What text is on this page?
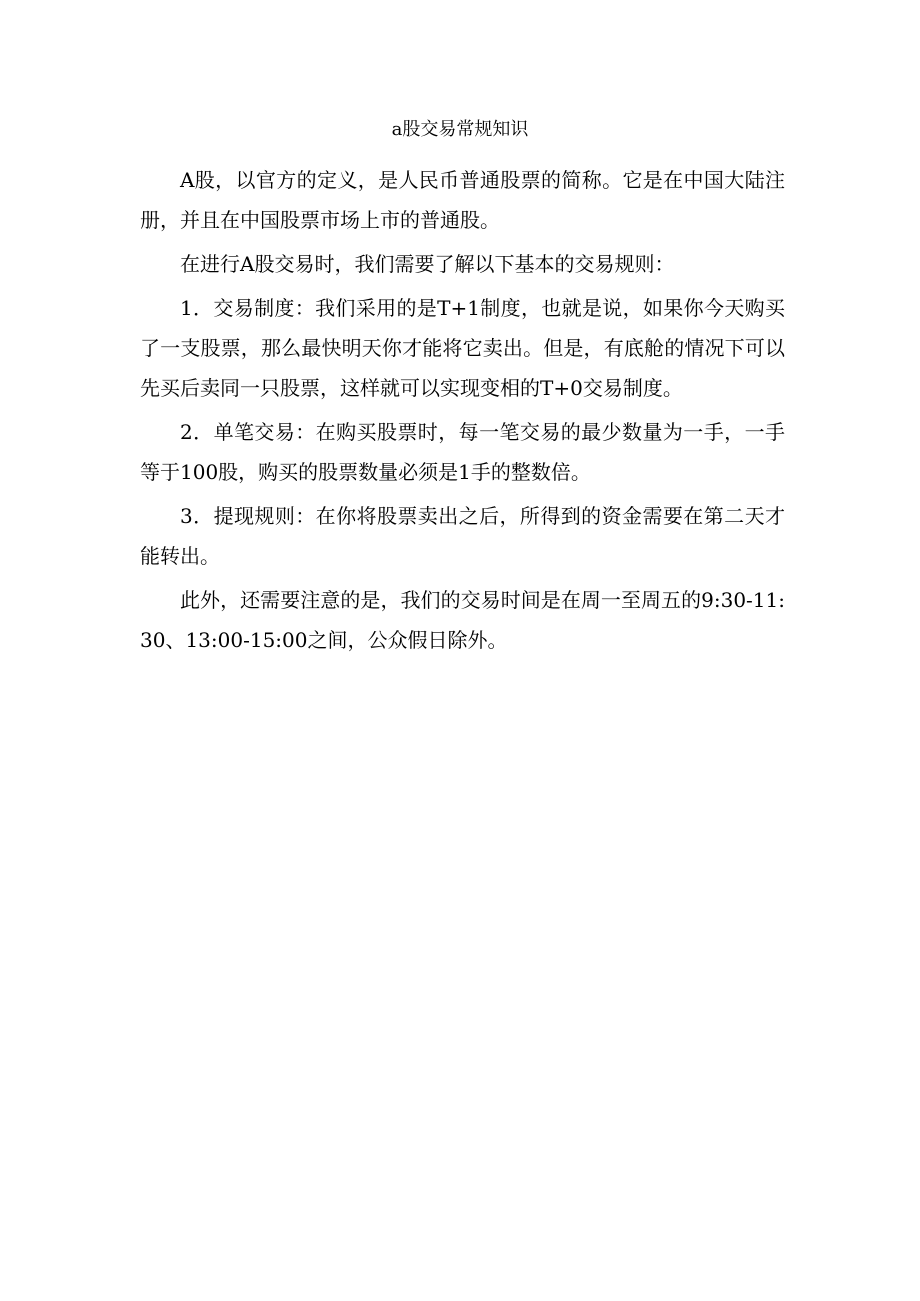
a股交易常规知识

A股，以官方的定义，是人民币普通股票的简称。它是在中国大陆注册，并且在中国股票市场上市的普通股。

在进行A股交易时，我们需要了解以下基本的交易规则：

1．交易制度：我们采用的是T+1制度，也就是说，如果你今天购买了一支股票，那么最快明天你才能将它卖出。但是，有底舱的情况下可以先买后卖同一只股票，这样就可以实现变相的T+0交易制度。

2．单笔交易：在购买股票时，每一笔交易的最少数量为一手，一手等于100股，购买的股票数量必须是1手的整数倍。

3．提现规则：在你将股票卖出之后，所得到的资金需要在第二天才能转出。

此外，还需要注意的是，我们的交易时间是在周一至周五的9:30-11:30、13:00-15:00之间，公众假日除外。
